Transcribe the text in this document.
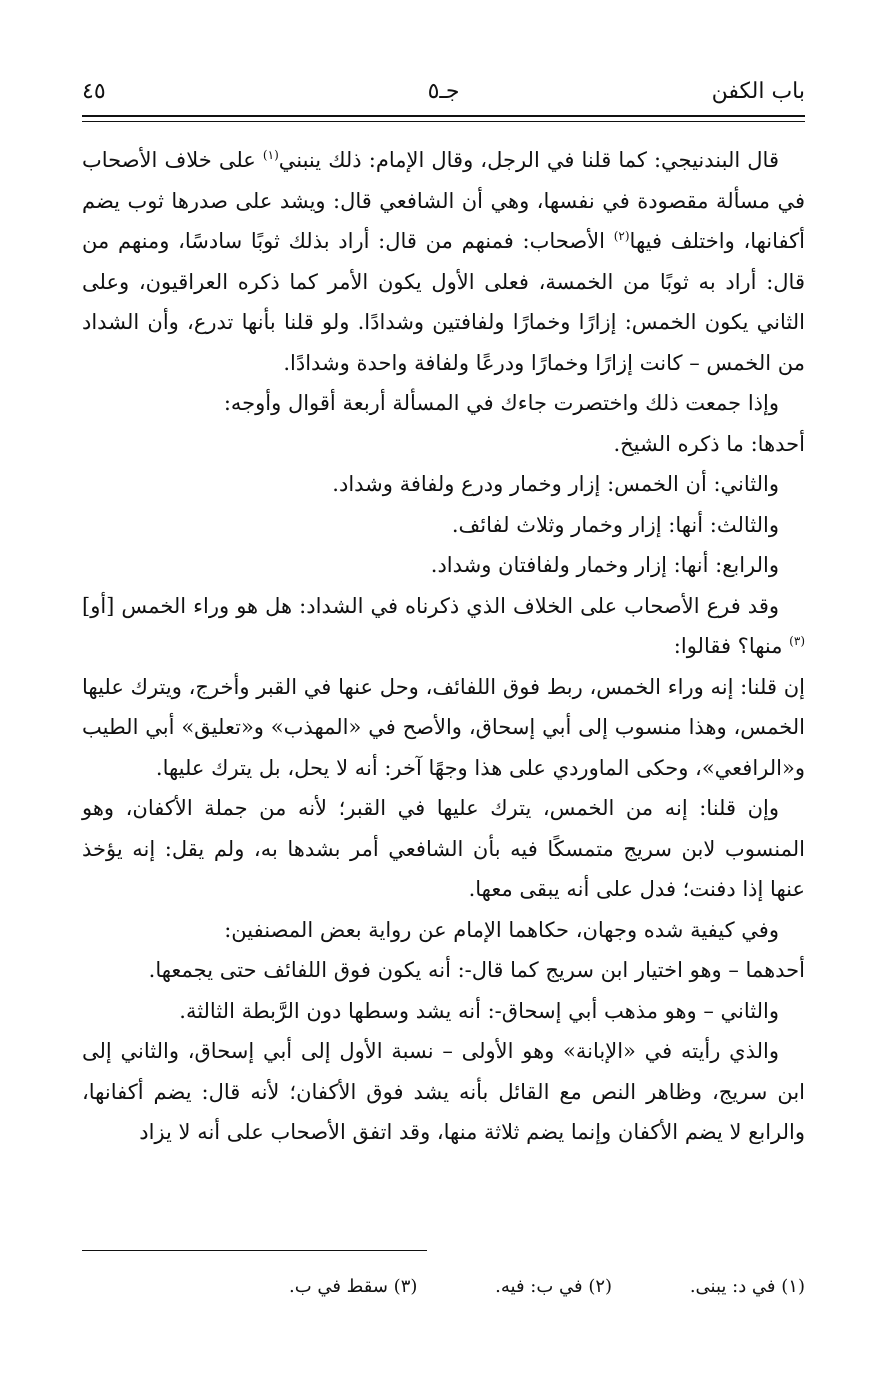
باب الكفن
جـ٥
٤٥

قال البندنيجي: كما قلنا في الرجل، وقال الإمام: ذلك ينبني$^{(١)}$ على خلاف الأصحاب في مسألة مقصودة في نفسها، وهي أن الشافعي قال: ويشد على صدرها ثوب يضم أكفانها، واختلف فيها$^{(٢)}$ الأصحاب: فمنهم من قال: أراد بذلك ثوبًا سادسًا، ومنهم من قال: أراد به ثوبًا من الخمسة، فعلى الأول يكون الأمر كما ذكره العراقيون، وعلى الثاني يكون الخمس: إزارًا وخمارًا ولفافتين وشدادًا. ولو قلنا بأنها تدرع، وأن الشداد من الخمس – كانت إزارًا وخمارًا ودرعًا ولفافة واحدة وشدادًا.

وإذا جمعت ذلك واختصرت جاءك في المسألة أربعة أقوال وأوجه:

أحدها: ما ذكره الشيخ.

والثاني: أن الخمس: إزار وخمار ودرع ولفافة وشداد.

والثالث: أنها: إزار وخمار وثلاث لفائف.

والرابع: أنها: إزار وخمار ولفافتان وشداد.

وقد فرع الأصحاب على الخلاف الذي ذكرناه في الشداد: هل هو وراء الخمس [أو]$^{(٣)}$ منها؟ فقالوا:

إن قلنا: إنه وراء الخمس، ربط فوق اللفائف، وحل عنها في القبر وأخرج، ويترك عليها الخمس، وهذا منسوب إلى أبي إسحاق، والأصح في «المهذب» و«تعليق» أبي الطيب و«الرافعي»، وحكى الماوردي على هذا وجهًا آخر: أنه لا يحل، بل يترك عليها.

وإن قلنا: إنه من الخمس، يترك عليها في القبر؛ لأنه من جملة الأكفان، وهو المنسوب لابن سريج متمسكًا فيه بأن الشافعي أمر بشدها به، ولم يقل: إنه يؤخذ عنها إذا دفنت؛ فدل على أنه يبقى معها.

وفي كيفية شده وجهان، حكاهما الإمام عن رواية بعض المصنفين:

أحدهما – وهو اختيار ابن سريج كما قال-: أنه يكون فوق اللفائف حتى يجمعها.

والثاني – وهو مذهب أبي إسحاق-: أنه يشد وسطها دون الرَّبطة الثالثة.

والذي رأيته في «الإبانة» وهو الأولى – نسبة الأول إلى أبي إسحاق، والثاني إلى ابن سريج، وظاهر النص مع القائل بأنه يشد فوق الأكفان؛ لأنه قال: يضم أكفانها، والرابع لا يضم الأكفان وإنما يضم ثلاثة منها، وقد اتفق الأصحاب على أنه لا يزاد

(١) في د: يبنى. (٢) في ب: فيه. (٣) سقط في ب.
